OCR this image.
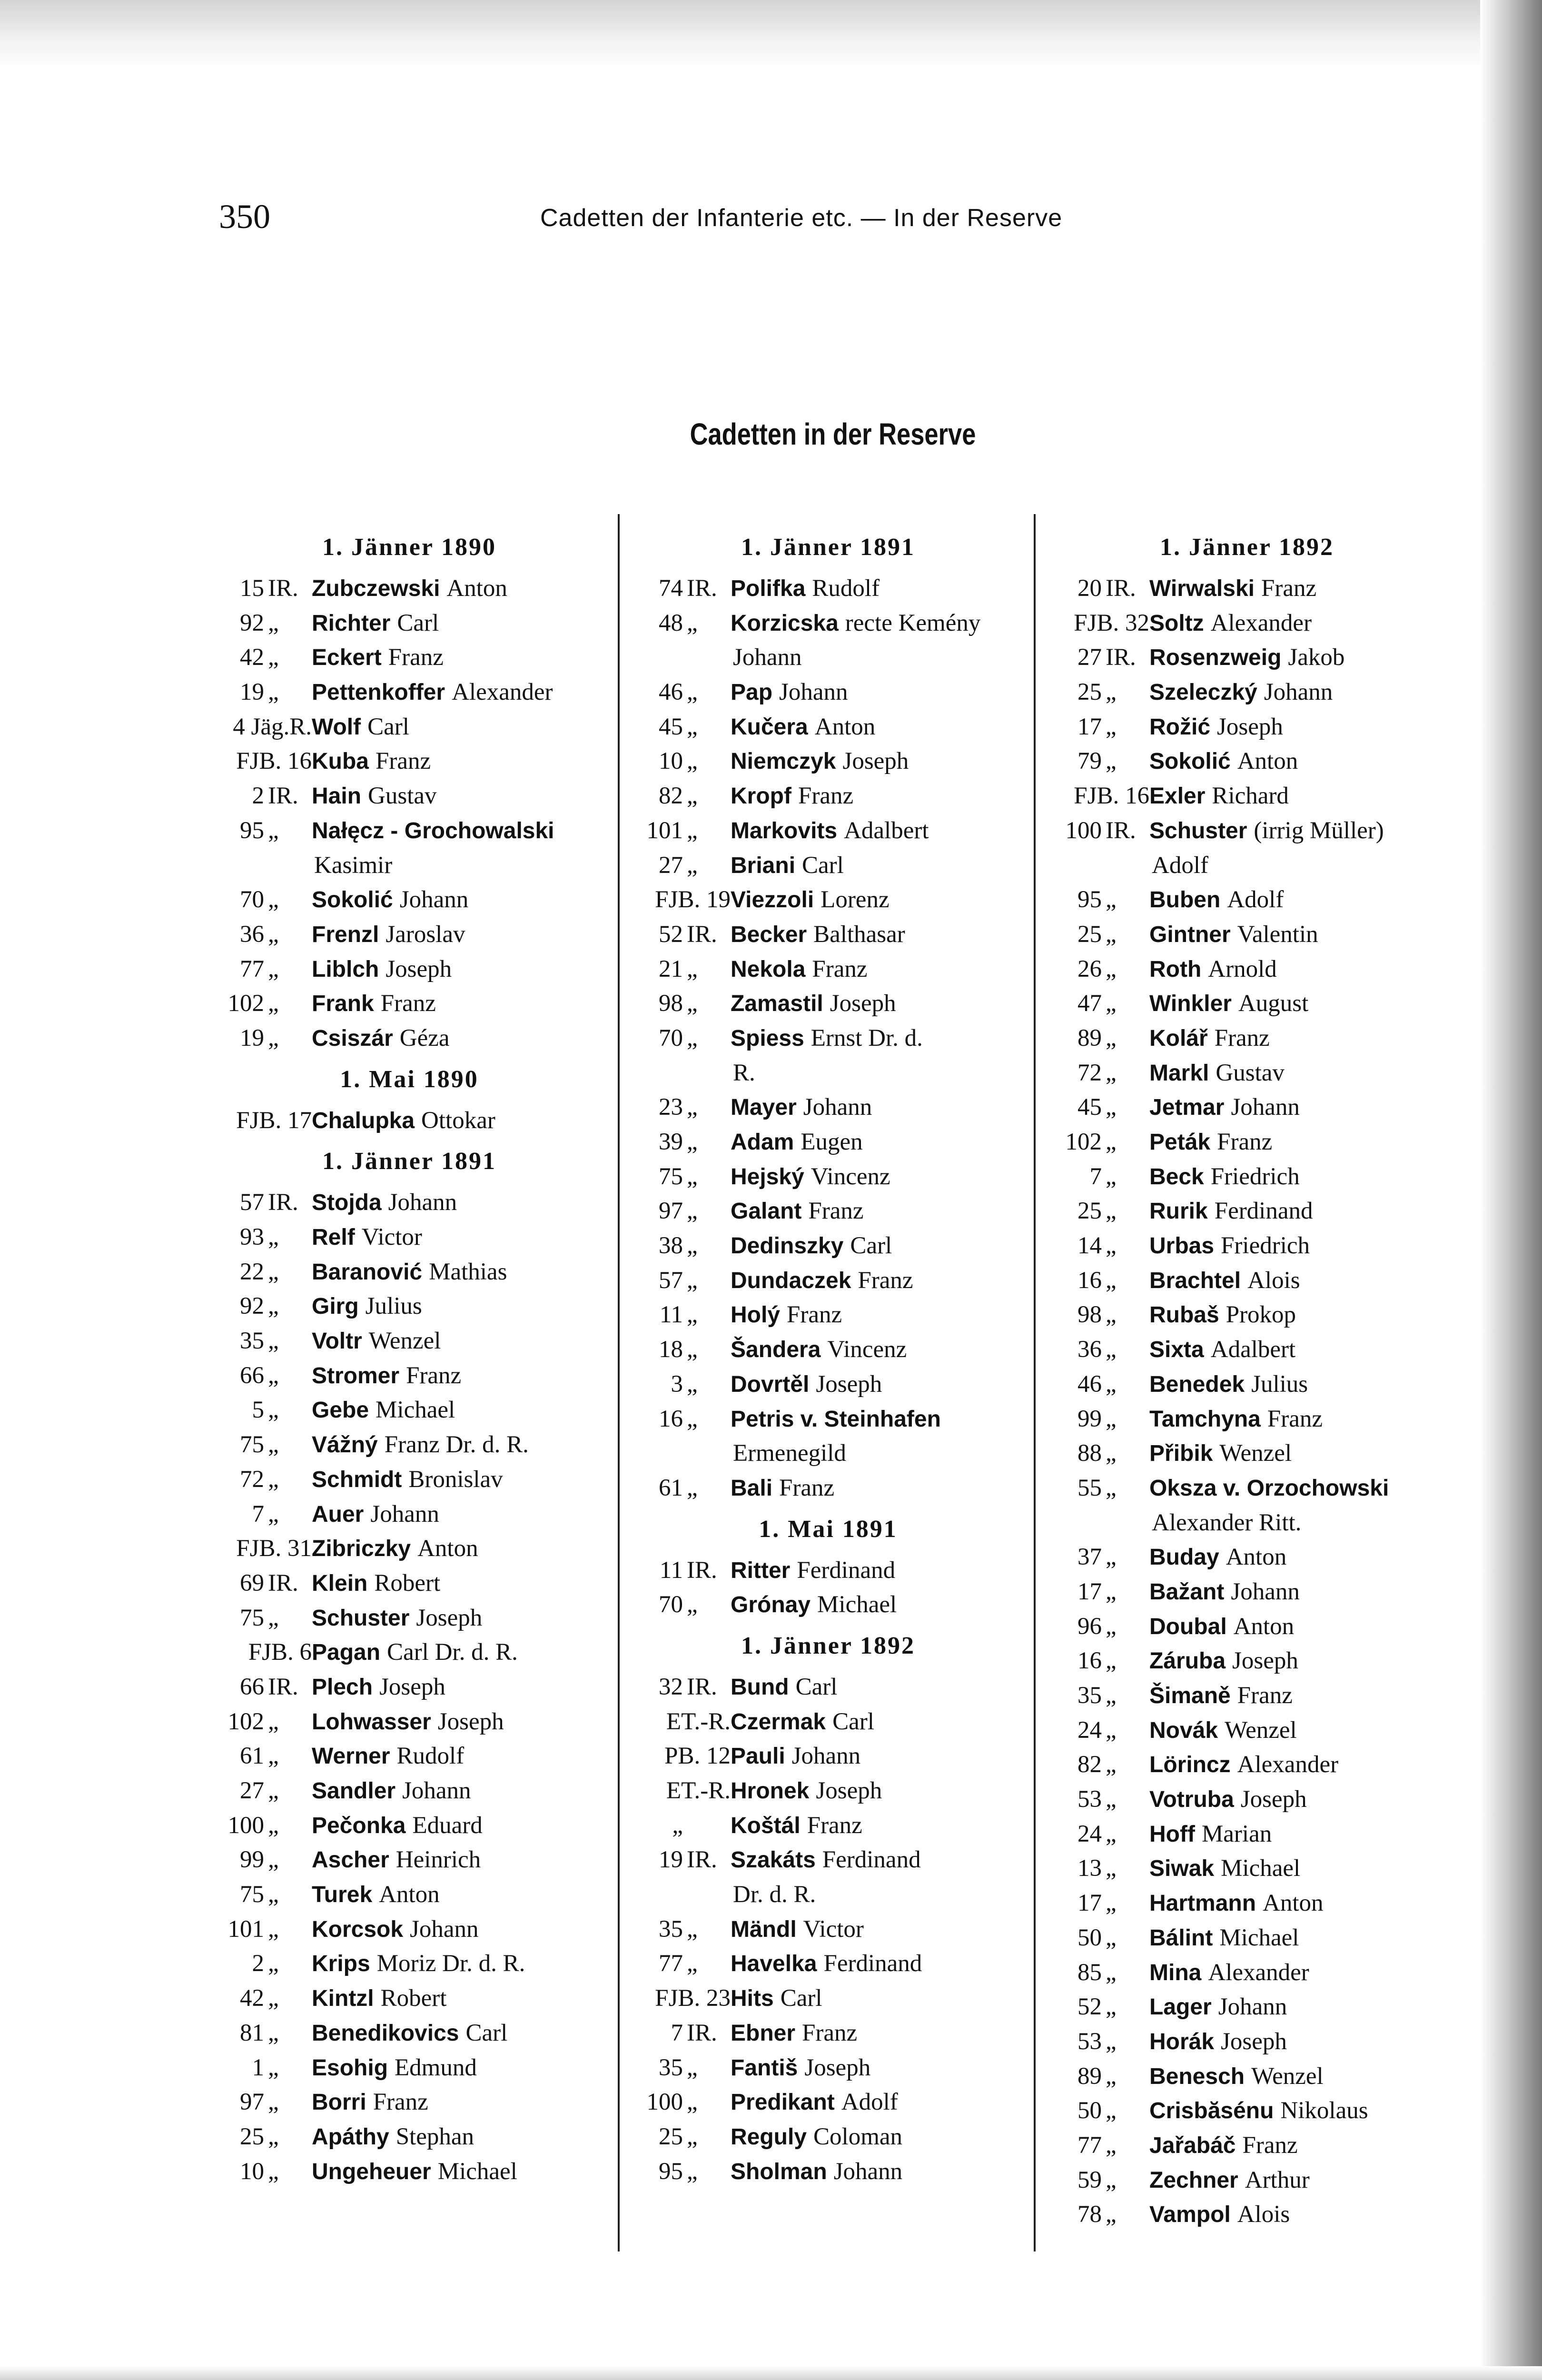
350	Cadetten der Infanterie etc. — In der Reserve
Cadetten in der Reserve
1. Jänner 1890
15 IR. Zubczewski Anton
92 „	Richter Carl
42 „	Eckert Franz
19 „	Pettenkoffer Alexander
4 Jäg.R. Wolf Carl
FJB. 16 Kuba Franz
2 IR. Hain Gustav
95 „	Nałęcz - Grochowalski
Kasimir
70 „	Sokolić Johann
36 „	Frenzl Jaroslav
77 „	Liblch Joseph
102 „	Frank Franz
19 „	Csiszár Géza
1. Mai 1890
FJB. 17 Chalupka Ottokar
1. Jänner 1891
57 IR. Stojda Johann
93 „	Relf Victor
22 „	Baranović Mathias
92 „	Girg Julius
35 „	Voltr Wenzel
66 „	Stromer Franz
5 „	Gebe Michael
75 „	Vážný Franz Dr. d. R.
72 „	Schmidt Bronislav
7 „	Auer Johann
FJB. 31 Zibriczky Anton
69 IR. Klein Robert
75 „	Schuster Joseph
FJB. 6 Pagan Carl Dr. d. R.
66 IR. Plech Joseph
102 „	Lohwasser Joseph
61 „	Werner Rudolf
27 „	Sandler Johann
100 „	Pečonka Eduard
99 „	Ascher Heinrich
75 „	Turek Anton
101 „	Korcsok Johann
2 „	Krips Moriz Dr. d. R.
42 „	Kintzl Robert
81 „	Benedikovics Carl
1 „	Esohig Edmund
97 „	Borri Franz
25 „	Apáthy Stephan
10 „	Ungeheuer Michael
1. Jänner 1891
74 IR. Polifka Rudolf
48 „	Korzicska recte Kemény
Johann
46 „	Pap Johann
45 „	Kučera Anton
10 „	Niemczyk Joseph
82 „	Kropf Franz
101 „	Markovits Adalbert
27 „	Briani Carl
FJB. 19 Viezzoli Lorenz
52 IR. Becker Balthasar
21 „	Nekola Franz
98 „	Zamastil Joseph
70 „	Spiess Ernst Dr. d.
R.
23 „	Mayer Johann
39 „	Adam Eugen
75 „	Hejský Vincenz
97 „	Galant Franz
38 „	Dedinszky Carl
57 „	Dundaczek Franz
11 „	Holý Franz
18 „	Šandera Vincenz
3 „	Dovrtěl Joseph
16 „	Petris v. Steinhafen
Ermenegild
61 „	Bali Franz
1. Mai 1891
11 IR. Ritter Ferdinand
70 „	Grónay Michael
1. Jänner 1892
32 IR. Bund Carl
ET.-R. Czermak Carl
PB. 12 Pauli Johann
ET.-R. Hronek Joseph
„ Koštál Franz
19 IR. Szakáts Ferdinand
Dr. d. R.
35 „	Mändl Victor
77 „	Havelka Ferdinand
FJB. 23 Hits Carl
7 IR. Ebner Franz
35 „	Fantiš Joseph
100 „	Predikant Adolf
25 „	Reguly Coloman
95 „	Sholman Johann
1. Jänner 1892
20 IR. Wirwalski Franz
FJB. 32 Soltz Alexander
27 IR. Rosenzweig Jakob
25 „	Szeleczký Johann
17 „	Rožić Joseph
79 „	Sokolić Anton
FJB. 16 Exler Richard
100 IR. Schuster (irrig Müller)
Adolf
95 „	Buben Adolf
25 „	Gintner Valentin
26 „	Roth Arnold
47 „	Winkler August
89 „	Kolář Franz
72 „	Markl Gustav
45 „	Jetmar Johann
102 „	Peták Franz
7 „	Beck Friedrich
25 „	Rurik Ferdinand
14 „	Urbas Friedrich
16 „	Brachtel Alois
98 „	Rubaš Prokop
36 „	Sixta Adalbert
46 „	Benedek Julius
99 „	Tamchyna Franz
88 „	Přibik Wenzel
55 „	Oksza v. Orzochowski
Alexander Ritt.
37 „	Buday Anton
17 „	Bažant Johann
96 „	Doubal Anton
16 „	Záruba Joseph
35 „	Šimaně Franz
24 „	Novák Wenzel
82 „	Lörincz Alexander
53 „	Votruba Joseph
24 „	Hoff Marian
13 „	Siwak Michael
17 „	Hartmann Anton
50 „	Bálint Michael
85 „	Mina Alexander
52 „	Lager Johann
53 „	Horák Joseph
89 „	Benesch Wenzel
50 „	Crisbăsénu Nikolaus
77 „	Jařabáč Franz
59 „	Zechner Arthur
78 „	Vampol Alois
